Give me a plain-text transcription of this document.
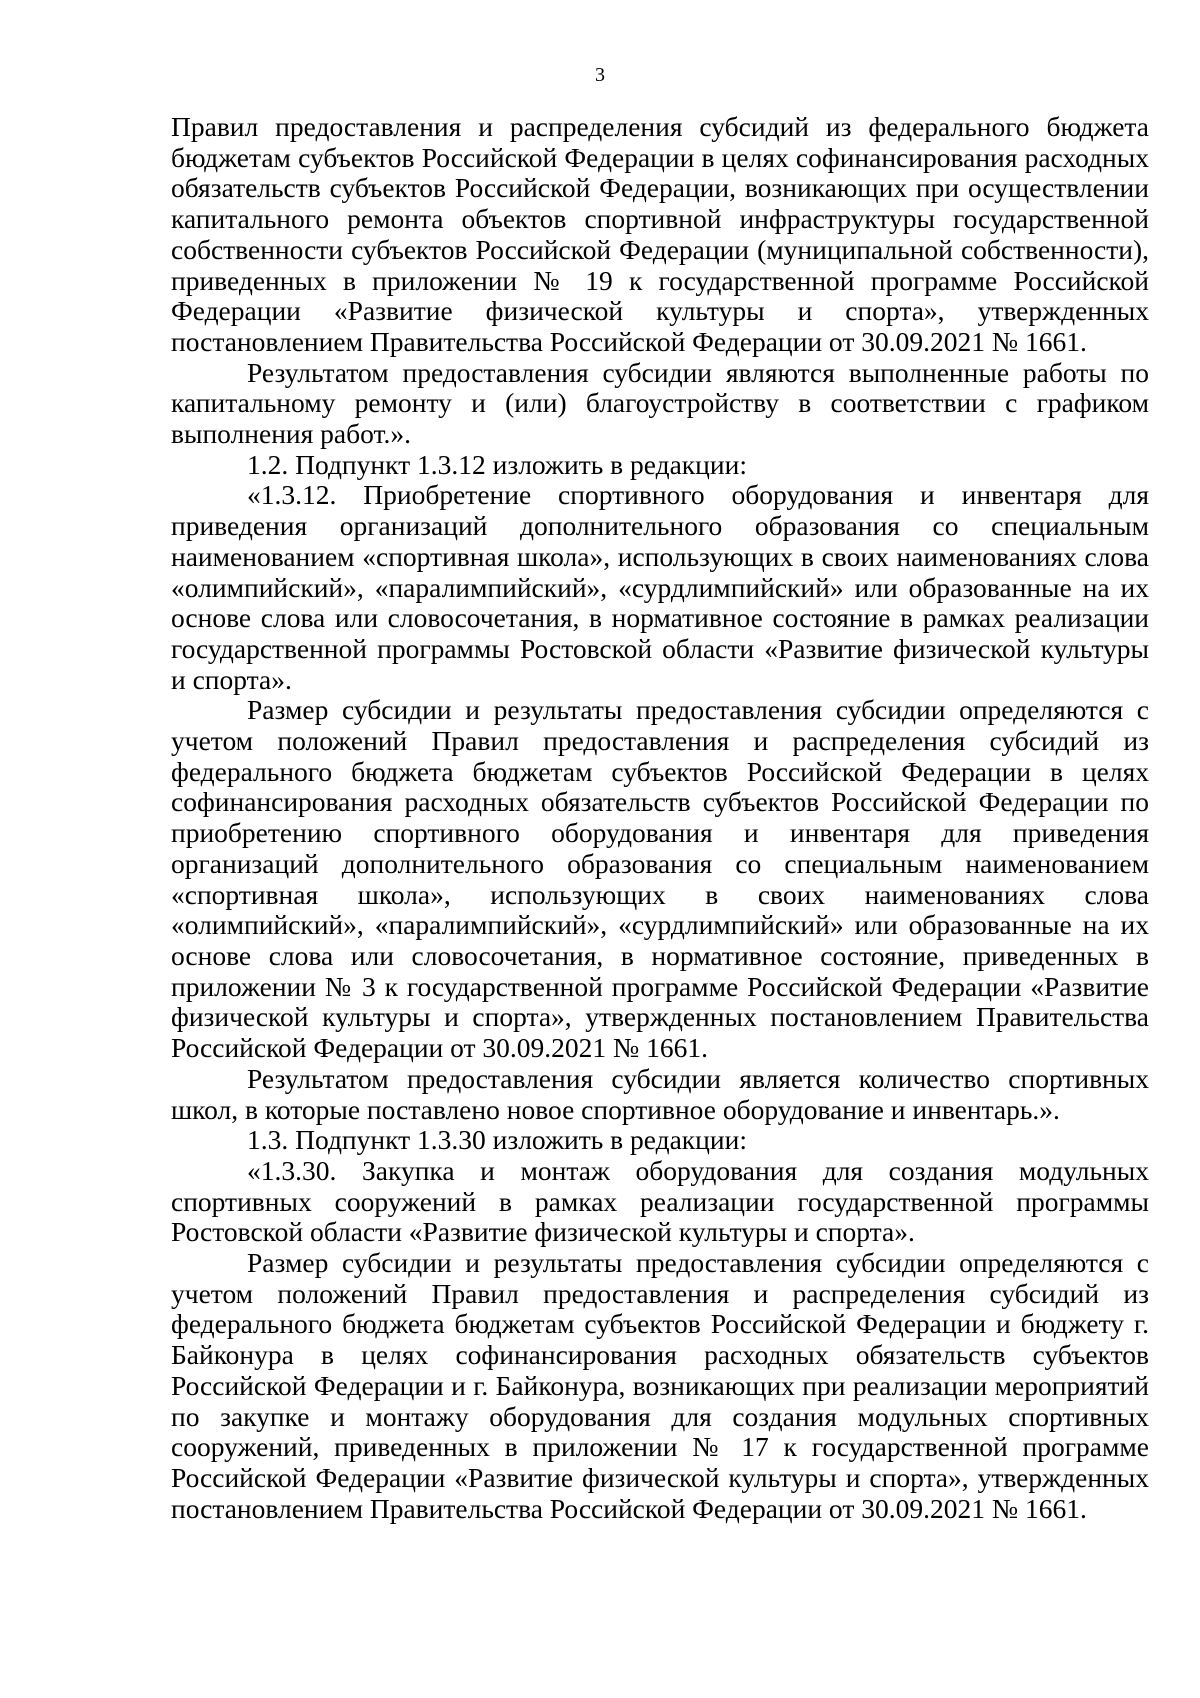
3

Правил предоставления и распределения субсидий из федерального бюджета бюджетам субъектов Российской Федерации в целях софинансирования расходных обязательств субъектов Российской Федерации, возникающих при осуществлении капитального ремонта объектов спортивной инфраструктуры государственной собственности субъектов Российской Федерации (муниципальной собственности), приведенных в приложении № 19 к государственной программе Российской Федерации «Развитие физической культуры и спорта», утвержденных постановлением Правительства Российской Федерации от 30.09.2021 № 1661.

Результатом предоставления субсидии являются выполненные работы по капитальному ремонту и (или) благоустройству в соответствии с графиком выполнения работ.».

1.2. Подпункт 1.3.12 изложить в редакции:

«1.3.12. Приобретение спортивного оборудования и инвентаря для приведения организаций дополнительного образования со специальным наименованием «спортивная школа», использующих в своих наименованиях слова «олимпийский», «паралимпийский», «сурдлимпийский» или образованные на их основе слова или словосочетания, в нормативное состояние в рамках реализации государственной программы Ростовской области «Развитие физической культуры и спорта».

Размер субсидии и результаты предоставления субсидии определяются с учетом положений Правил предоставления и распределения субсидий из федерального бюджета бюджетам субъектов Российской Федерации в целях софинансирования расходных обязательств субъектов Российской Федерации по приобретению спортивного оборудования и инвентаря для приведения организаций дополнительного образования со специальным наименованием «спортивная школа», использующих в своих наименованиях слова «олимпийский», «паралимпийский», «сурдлимпийский» или образованные на их основе слова или словосочетания, в нормативное состояние, приведенных в приложении № 3 к государственной программе Российской Федерации «Развитие физической культуры и спорта», утвержденных постановлением Правительства Российской Федерации от 30.09.2021 № 1661.

Результатом предоставления субсидии является количество спортивных школ, в которые поставлено новое спортивное оборудование и инвентарь.».

1.3. Подпункт 1.3.30 изложить в редакции:

«1.3.30. Закупка и монтаж оборудования для создания модульных спортивных сооружений в рамках реализации государственной программы Ростовской области «Развитие физической культуры и спорта».

Размер субсидии и результаты предоставления субсидии определяются с учетом положений Правил предоставления и распределения субсидий из федерального бюджета бюджетам субъектов Российской Федерации и бюджету г. Байконура в целях софинансирования расходных обязательств субъектов Российской Федерации и г. Байконура, возникающих при реализации мероприятий по закупке и монтажу оборудования для создания модульных спортивных сооружений, приведенных в приложении № 17 к государственной программе Российской Федерации «Развитие физической культуры и спорта», утвержденных постановлением Правительства Российской Федерации от 30.09.2021 № 1661.
